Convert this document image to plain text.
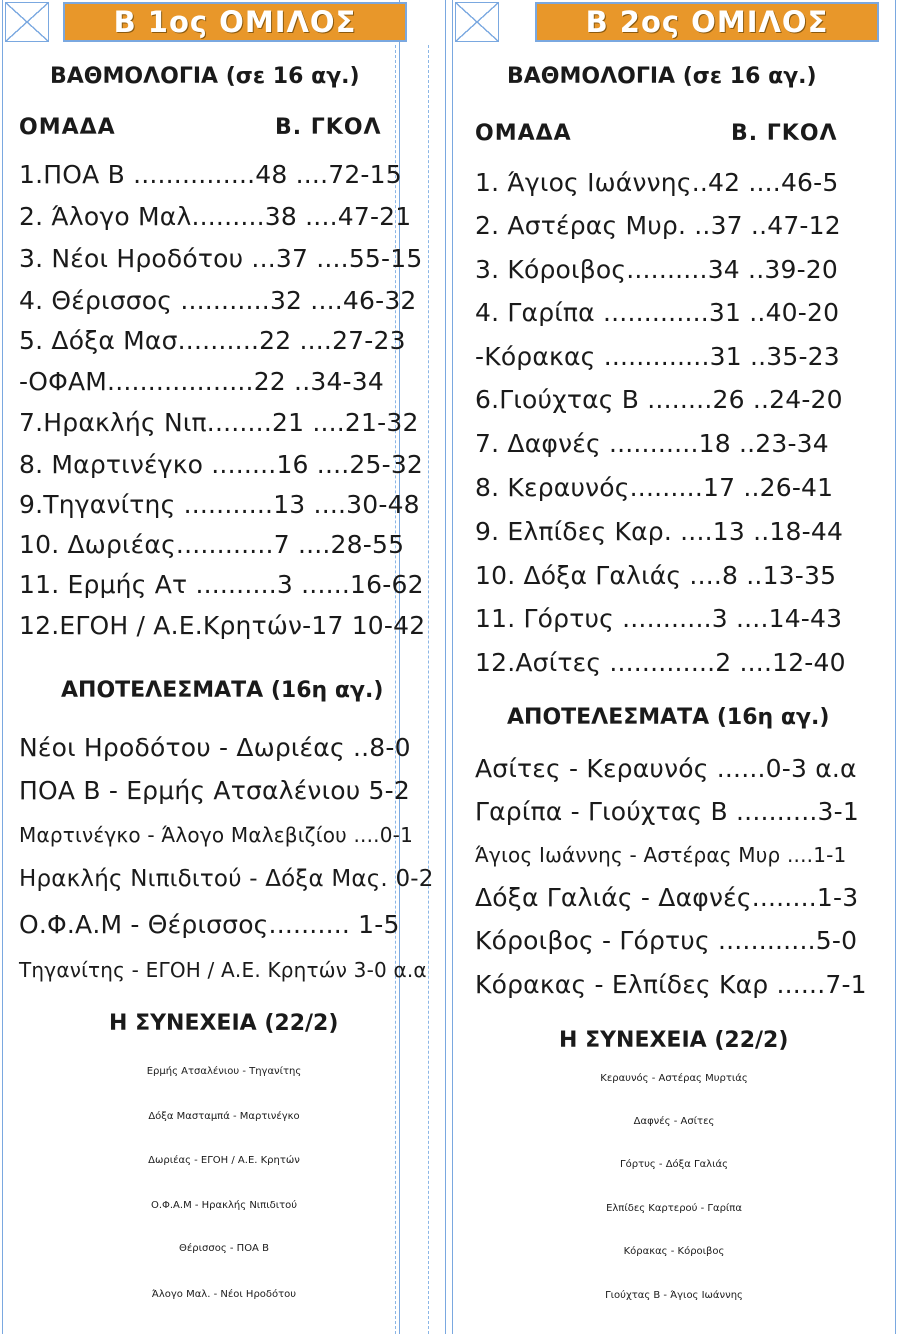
Β 1ος ΟΜΙΛΟΣ
ΒΑΘΜΟΛΟΓΙΑ (σε 16 αγ.)
ΟΜΑΔΑ	Β. ΓΚΟΛ
1.ΠΟΑ Β ...............48 ....72-15
2. Άλογο Μαλ.........38 ....47-21
3. Νέοι Ηροδότου ...37 ....55-15
4. Θέρισσος ...........32 ....46-32
5. Δόξα Μασ..........22 ....27-23
-ΟΦΑΜ..................22 ..34-34
7.Ηρακλής Νιπ........21 ....21-32
8. Μαρτινέγκο ........16 ....25-32
9.Τηγανίτης ...........13 ....30-48
10. Δωριέας............7 ....28-55
11. Ερμής Ατ ..........3 ......16-62
12.ΕΓΟΗ / Α.Ε.Κρητών-17 10-42
ΑΠΟΤΕΛΕΣΜΑΤΑ (16η αγ.)
Νέοι Ηροδότου - Δωριέας ..8-0
ΠΟΑ Β - Ερμής Ατσαλένιου 5-2
Μαρτινέγκο - Άλογο Μαλεβιζίου ....0-1
Ηρακλής Νιπιδιτού - Δόξα Μας. 0-2
Ο.Φ.Α.Μ - Θέρισσος.......... 1-5
Τηγανίτης - ΕΓΟΗ / Α.Ε. Κρητών 3-0 α.α
Η ΣΥΝΕΧΕΙΑ (22/2)
Ερμής Ατσαλένιου - Τηγανίτης
Δόξα Μασταμπά - Μαρτινέγκο
Δωριέας - ΕΓΟΗ / Α.Ε. Κρητών
Ο.Φ.Α.Μ - Ηρακλής Νιπιδιτού
Θέρισσος - ΠΟΑ Β
Άλογο Μαλ. - Νέοι Ηροδότου
Β 2ος ΟΜΙΛΟΣ
ΒΑΘΜΟΛΟΓΙΑ (σε 16 αγ.)
ΟΜΑΔΑ	Β. ΓΚΟΛ
1. Άγιος Ιωάννης..42 ....46-5
2. Αστέρας Μυρ. ..37 ..47-12
3. Κόροιβος..........34 ..39-20
4. Γαρίπα .............31 ..40-20
-Κόρακας .............31 ..35-23
6.Γιούχτας Β ........26 ..24-20
7. Δαφνές ...........18 ..23-34
8. Κεραυνός.........17 ..26-41
9. Ελπίδες Καρ. ....13 ..18-44
10. Δόξα Γαλιάς ....8 ..13-35
11. Γόρτυς ...........3 ....14-43
12.Ασίτες .............2 ....12-40
ΑΠΟΤΕΛΕΣΜΑΤΑ (16η αγ.)
Ασίτες - Κεραυνός ......0-3 α.α
Γαρίπα - Γιούχτας Β ..........3-1
Άγιος Ιωάννης - Αστέρας Μυρ ....1-1
Δόξα Γαλιάς - Δαφνές........1-3
Κόροιβος - Γόρτυς ............5-0
Κόρακας - Ελπίδες Καρ ......7-1
Η ΣΥΝΕΧΕΙΑ (22/2)
Κεραυνός - Αστέρας Μυρτιάς
Δαφνές - Ασίτες
Γόρτυς - Δόξα Γαλιάς
Ελπίδες Καρτερού - Γαρίπα
Κόρακας - Κόροιβος
Γιούχτας Β - Άγιος Ιωάννης
